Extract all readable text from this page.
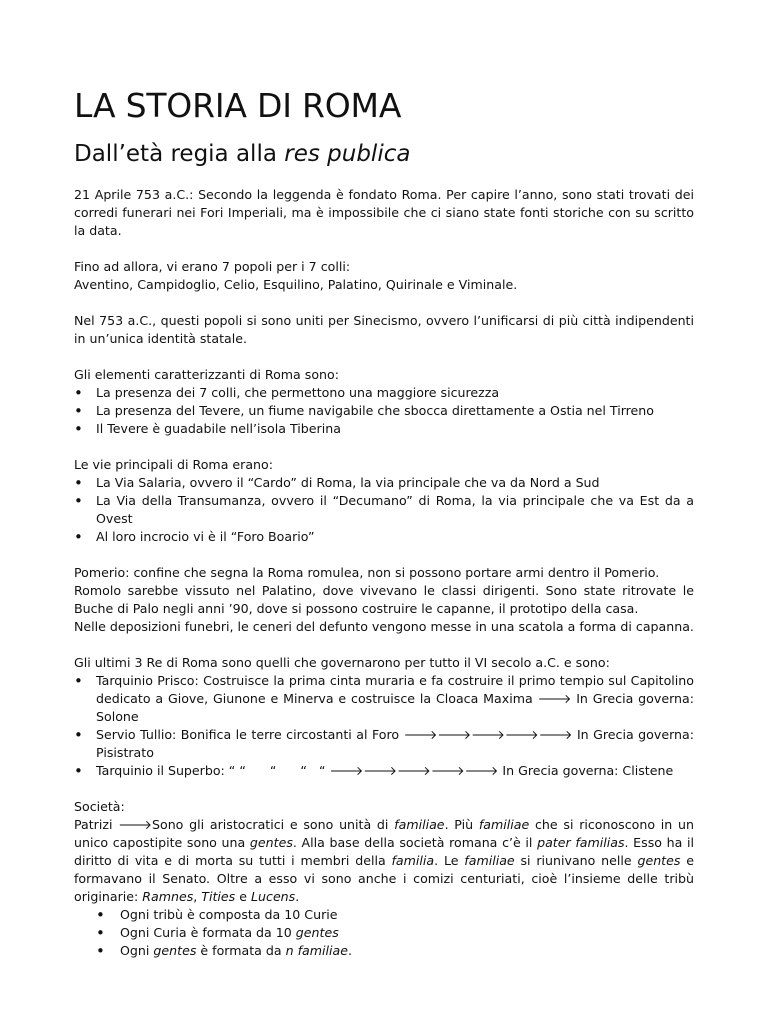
LA STORIA DI ROMA
Dall’età regia alla res publica

21 Aprile 753 a.C.: Secondo la leggenda è fondato Roma. Per capire l’anno, sono stati trovati dei corredi funerari nei Fori Imperiali, ma è impossibile che ci siano state fonti storiche con su scritto la data.

Fino ad allora, vi erano 7 popoli per i 7 colli:

Aventino, Campidoglio, Celio, Esquilino, Palatino, Quirinale e Viminale.

Nel 753 a.C., questi popoli si sono uniti per Sinecismo, ovvero l’unificarsi di più città indipendenti in un’unica identità statale.

Gli elementi caratterizzanti di Roma sono:

• La presenza dei 7 colli, che permettono una maggiore sicurezza
• La presenza del Tevere, un fiume navigabile che sbocca direttamente a Ostia nel Tirreno
• Il Tevere è guadabile nell’isola Tiberina

Le vie principali di Roma erano:

• La Via Salaria, ovvero il “Cardo” di Roma, la via principale che va da Nord a Sud
• La Via della Transumanza, ovvero il “Decumano” di Roma, la via principale che va Est da a Ovest
• Al loro incrocio vi è il “Foro Boario”

Pomerio: confine che segna la Roma romulea, non si possono portare armi dentro il Pomerio.

Romolo sarebbe vissuto nel Palatino, dove vivevano le classi dirigenti. Sono state ritrovate le Buche di Palo negli anni ’90, dove si possono costruire le capanne, il prototipo della casa.

Nelle deposizioni funebri, le ceneri del defunto vengono messe in una scatola a forma di capanna.

Gli ultimi 3 Re di Roma sono quelli che governarono per tutto il VI secolo a.C. e sono:

• Tarquinio Prisco: Costruisce la prima cinta muraria e fa costruire il primo tempio sul Capitolino dedicato a Giove, Giunone e Minerva e costruisce la Cloaca Maxima 🡒 In Grecia governa: Solone
• Servio Tullio: Bonifica le terre circostanti al Foro 🡒🡒🡒🡒🡒 In Grecia governa: Pisistrato
• Tarquinio il Superbo: “ “      “      “   “ 🡒🡒🡒🡒🡒 In Grecia governa: Clistene

Società:

Patrizi 🡒Sono gli aristocratici e sono unità di familiae. Più familiae che si riconoscono in un unico capostipite sono una gentes. Alla base della società romana c’è il pater familias. Esso ha il diritto di vita e di morta su tutti i membri della familia. Le familiae si riunivano nelle gentes e formavano il Senato. Oltre a esso vi sono anche i comizi centuriati, cioè l’insieme delle tribù originarie: Ramnes, Tities e Lucens.

• Ogni tribù è composta da 10 Curie
• Ogni Curia è formata da 10 gentes
• Ogni gentes è formata da n familiae.
